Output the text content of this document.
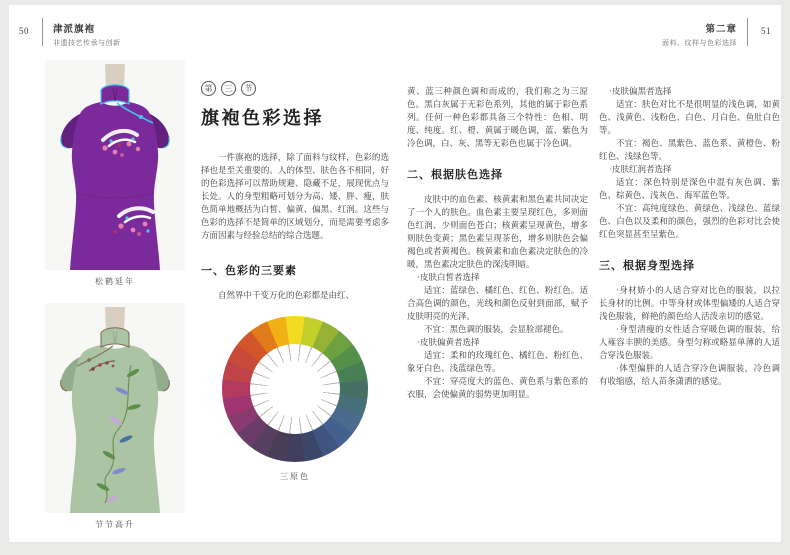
50	津派旗袍
非遗技艺传承与创新
第二章
面料、纹样与色彩选择
51
松鹤延年
节节高升
第	三	节
旗袍色彩选择

一件旗袍的选择，除了面料与纹样，色彩的选择也是至关重要的。人的体型、肤色各不相同，好的色彩选择可以帮助规避、隐藏不足，展现优点与长处。人的身型粗略可划分为高、矮、胖、瘦，肤色简单地概括为白皙、偏黄、偏黑、红润。这些与色彩的选择不是简单的区域划分，而是需要考虑多方面因素与经验总结的综合选题。

一、色彩的三要素

自然界中千变万化的色彩都是由红、

三原色

黄、蓝三种颜色调和而成的，我们称之为三原色。黑白灰属于无彩色系列，其他的属于彩色系列。任何一种色彩都具备三个特性：色相、明度、纯度。红、橙、黄属于暖色调，蓝、紫色为冷色调，白、灰、黑等无彩色也属于冷色调。

二、根据肤色选择

皮肤中的血色素、核黄素和黑色素共同决定了一个人的肤色。血色素主要呈现红色，多则面色红润、少则面色苍白；核黄素呈现黄色，增多则肤色变黄；黑色素呈现茶色，增多则肤色会偏褐色或者黄褐色。核黄素和血色素决定肤色的冷暖，黑色素决定肤色的深浅明暗。

·皮肤白皙者选择

适宜：蓝绿色、橘红色、红色、粉红色。适合高色调的颜色，光线和颜色反射到面部，赋予皮肤明亮的光泽。

不宜：黑色调的服装，会显脸部褪色。

·皮肤偏黄者选择

适宜：柔和的玫瑰红色、橘红色、粉红色、象牙白色、浅蓝绿色等。

不宜：穿亮度大的蓝色、黄色系与紫色系的衣服，会使偏黄的弱势更加明显。

·皮肤偏黑者选择

适宜：肤色对比不是很明显的浅色调，如黄色、浅黄色、浅粉色、白色、月白色、鱼肚白色等。

不宜：褐色、黑紫色、蓝色系、黄橙色、粉红色、浅绿色等。

·皮肤红润者选择

适宜：深色特别是深色中混有灰色调、紫色、棕黄色、浅灰色、海军蓝色等。

不宜：高纯度绿色、黄绿色、浅绿色、蓝绿色、白色以及柔和的颜色，强烈的色彩对比会使红色突显甚至呈紫色。

三、根据身型选择

·身材娇小的人适合穿对比色的服装，以拉长身材的比例。中等身材或体型偏矮的人适合穿浅色服装，鲜艳的颜色给人活泼亲切的感觉。

·身型清瘦的女性适合穿暖色调的服装，给人雍容丰腴的美感。身型匀称或略显单薄的人适合穿浅色服装。

·体型偏胖的人适合穿冷色调服装，冷色调有收缩感，给人苗条潇洒的感觉。
